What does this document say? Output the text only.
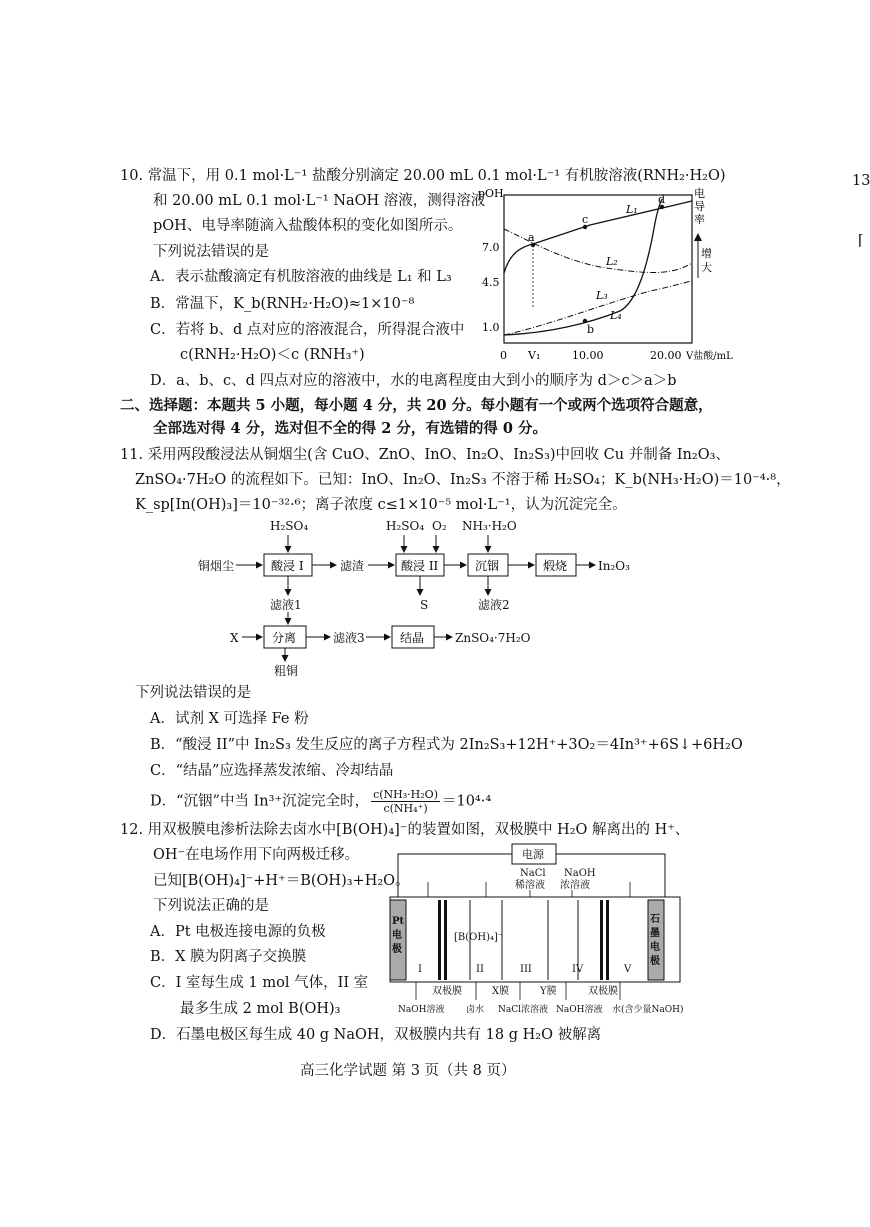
13
⌈
10. 常温下，用 0.1 mol·L⁻¹ 盐酸分别滴定 20.00 mL 0.1 mol·L⁻¹ 有机胺溶液(RNH₂·H₂O)
和 20.00 mL 0.1 mol·L⁻¹ NaOH 溶液，测得溶液
pOH、电导率随滴入盐酸体积的变化如图所示。
下列说法错误的是
A．表示盐酸滴定有机胺溶液的曲线是 L₁ 和 L₃
B．常温下，K_b(RNH₂·H₂O)≈1×10⁻⁸
C．若将 b、d 点对应的溶液混合，所得混合液中
c(RNH₂·H₂O)＜c (RNH₃⁺)
D．a、b、c、d 四点对应的溶液中，水的电离程度由大到小的顺序为 d＞c＞a＞b
pOH
7.0
4.5
1.0
0 V₁	10.00	20.00 V盐酸/mL
a
b
c
d
L₁
L₂
L₃
L₄
电
导
率
增
大
二、选择题：本题共 5 小题，每小题 4 分，共 20 分。每小题有一个或两个选项符合题意，
全部选对得 4 分，选对但不全的得 2 分，有选错的得 0 分。
11. 采用两段酸浸法从铜烟尘(含 CuO、ZnO、InO、In₂O、In₂S₃)中回收 Cu 并制备 In₂O₃、
ZnSO₄·7H₂O 的流程如下。已知：InO、In₂O、In₂S₃ 不溶于稀 H₂SO₄；K_b(NH₃·H₂O)＝10⁻⁴·⁸，
K_sp[In(OH)₃]＝10⁻³²·⁶；离子浓度 c≤1×10⁻⁵ mol·L⁻¹，认为沉淀完全。
H₂SO₄	H₂SO₄ O₂ NH₃·H₂O
铜烟尘	滤渣	In₂O₃
滤液1	S	滤液2
X	滤液3	ZnSO₄·7H₂O
粗铜
酸浸 I	酸浸 II	沉铟	煅烧
分离	结晶
下列说法错误的是
A．试剂 X 可选择 Fe 粉
B．“酸浸 II”中 In₂S₃ 发生反应的离子方程式为 2In₂S₃+12H⁺+3O₂＝4In³⁺+6S↓+6H₂O
C．“结晶”应选择蒸发浓缩、冷却结晶
D．“沉铟”中当 In³⁺沉淀完全时， $\frac{\text{c(NH₃·H₂O)}}{\text{c(NH₄⁺)}} =10^4\cdot^4$
12. 用双极膜电渗析法除去卤水中[B(OH)₄]⁻的装置如图，双极膜中 H₂O 解离出的 H⁺、
OH⁻在电场作用下向两极迁移。
已知[B(OH)₄]⁻+H⁺＝B(OH)₃+H₂O。
下列说法正确的是
A．Pt 电极连接电源的负极
B．X 膜为阴离子交换膜
C．I 室每生成 1 mol 气体，II 室
最多生成 2 mol B(OH)₃
D．石墨电极区每生成 40 g NaOH，双极膜内共有 18 g H₂O 被解离
电源
NaCl
稀溶液
NaOH
浓溶液
Pt
电
极
石
墨
电
极
[B(OH)₄]⁻
I	II	III	IV	V
双极膜	X膜	Y膜	双极膜
NaOH溶液 卤水 NaCl浓溶液 NaOH溶液 水(含少量NaOH)
高三化学试题 第 3 页（共 8 页）
